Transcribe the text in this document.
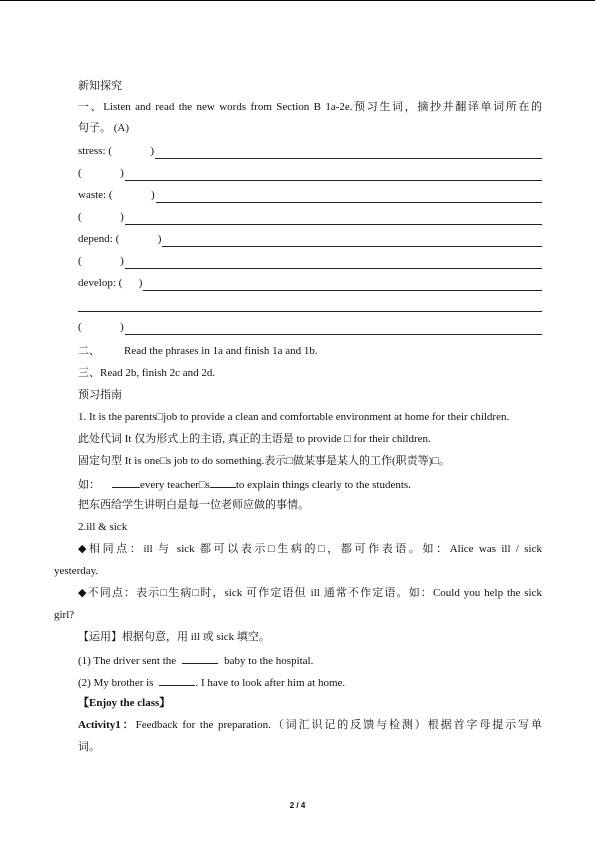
新知探究
一、Listen and read the new words from Section B 1a-2e.预习生词，摘抄并翻译单词所在的
句子。 (A)
stress: (              )
(              )
waste: (              )
(              )
depend: (              )
(              )
develop: (      )
(              )
二、 Read the phrases in 1a and finish 1a and 1b.
三、Read 2b, finish 2c and 2d.
预习指南
1. It is the parents□job to provide a clean and comfortable environment at home for their children.
此处代词 It 仅为形式上的主语, 真正的主语是 to provide □ for their children.
固定句型 It is one□s job to do something.表示□做某事是某人的工作(职责等)□。
如：	every teacher□s to explain things clearly to the students.
把东西给学生讲明白是每一位老师应做的事情。
2.ill & sick
◆相同点：ill 与 sick 都可以表示□生病的□，都可作表语。如：Alice was ill / sick
yesterday.
◆不同点：表示□生病□时，sick 可作定语但 ill 通常不作定语。如：Could you help the sick
girl?
【运用】根据句意，用 ill 或 sick 填空。
(1) The driver sent the	baby to the hospital.
(2) My brother is	. I have to look after him at home.
【Enjoy the class】
Activity1：Feedback for the preparation.（词汇识记的反馈与检测）根据首字母提示写单
词。
2 / 4
